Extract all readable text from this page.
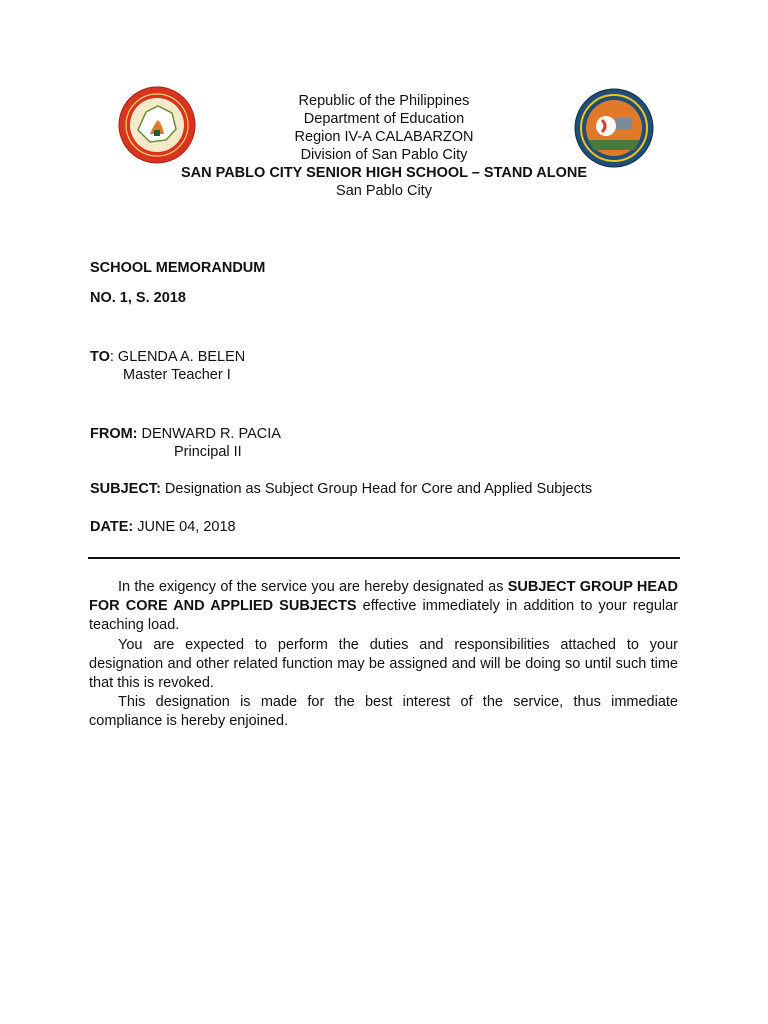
Republic of the Philippines
Department of Education
Region IV-A CALABARZON
Division of San Pablo City
SAN PABLO CITY SENIOR HIGH SCHOOL – STAND ALONE
San Pablo City
SCHOOL MEMORANDUM
NO. 1, S. 2018
TO: GLENDA A. BELEN
Master Teacher I
FROM: DENWARD R. PACIA
Principal II
SUBJECT: Designation as Subject Group Head for Core and Applied Subjects
DATE: JUNE 04, 2018

In the exigency of the service you are hereby designated as SUBJECT GROUP HEAD FOR CORE AND APPLIED SUBJECTS effective immediately in addition to your regular teaching load.

You are expected to perform the duties and responsibilities attached to your designation and other related function may be assigned and will be doing so until such time that this is revoked.

This designation is made for the best interest of the service, thus immediate compliance is hereby enjoined.
